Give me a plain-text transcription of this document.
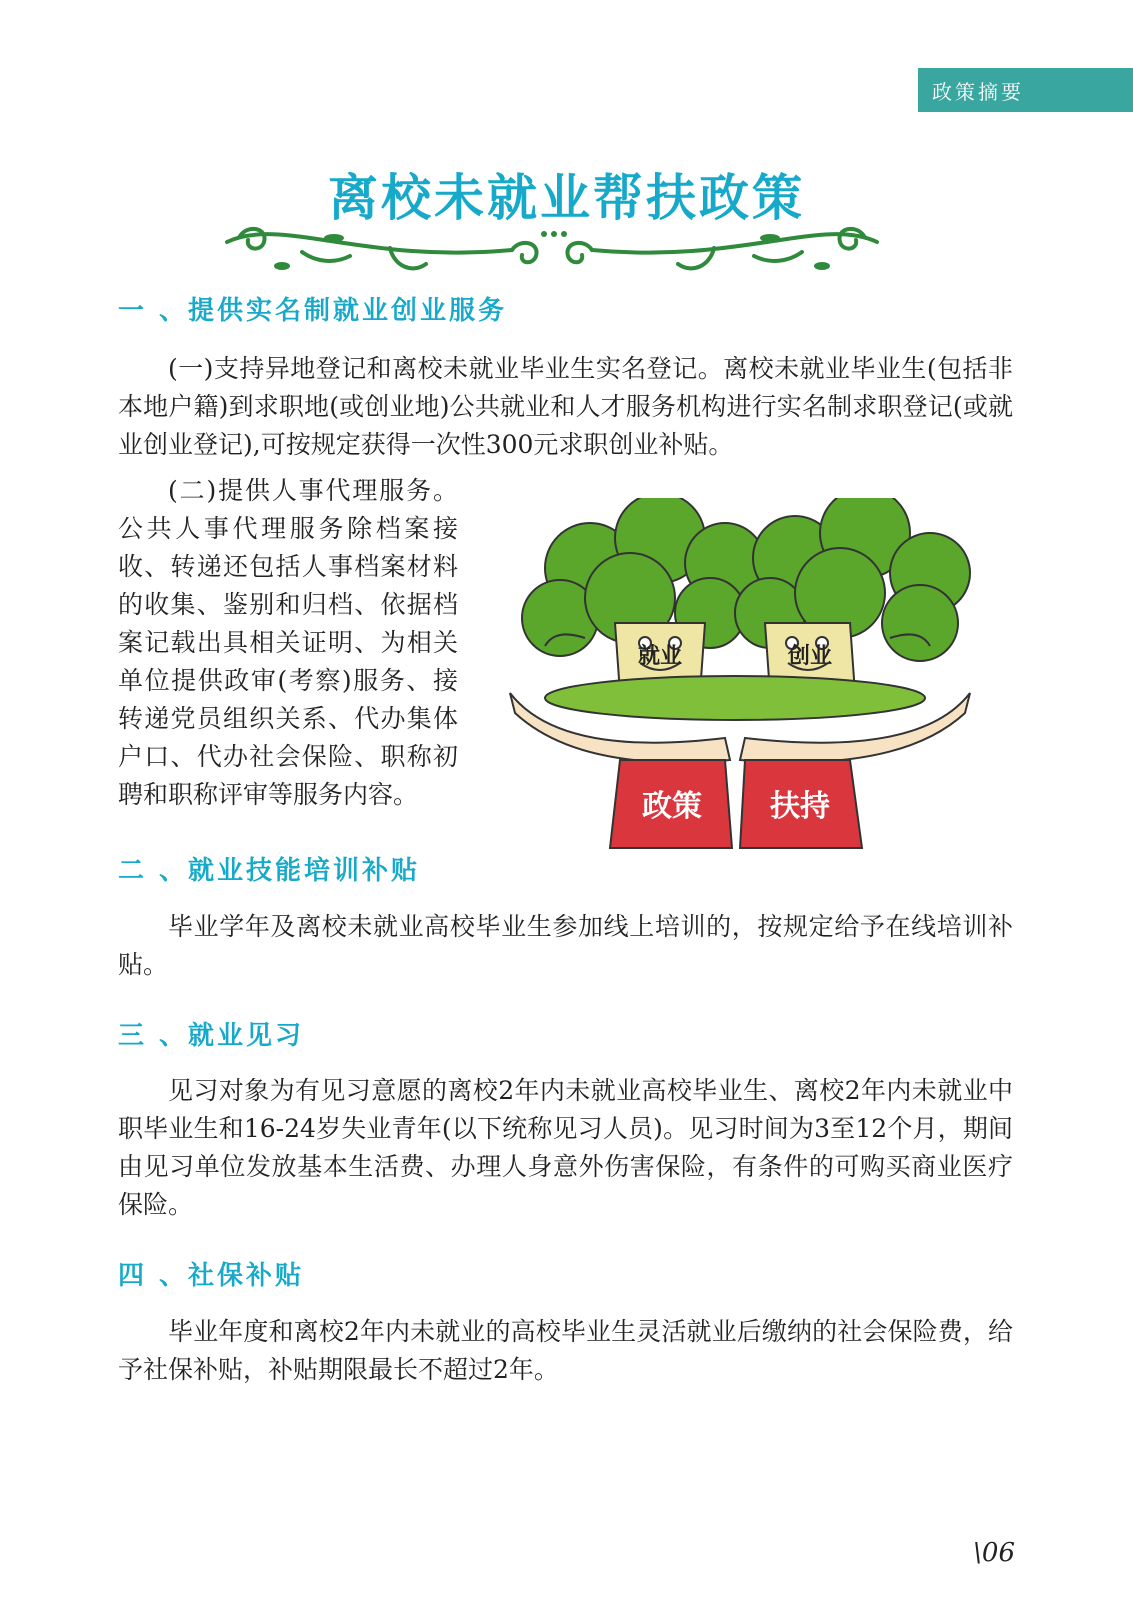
政策摘要
离校未就业帮扶政策
一 、提供实名制就业创业服务

(一)支持异地登记和离校未就业毕业生实名登记。离校未就业毕业生(包括非本地户籍)到求职地(或创业地)公共就业和人才服务机构进行实名制求职登记(或就业创业登记),可按规定获得一次性300元求职创业补贴。

(二)提供人事代理服务。公共人事代理服务除档案接收、转递还包括人事档案材料的收集、鉴别和归档、依据档案记载出具相关证明、为相关单位提供政审(考察)服务、接转递党员组织关系、代办集体户口、代办社会保险、职称初聘和职称评审等服务内容。

就业	创业
政策 扶持
二 、就业技能培训补贴

毕业学年及离校未就业高校毕业生参加线上培训的，按规定给予在线培训补贴。

三 、就业见习

见习对象为有见习意愿的离校2年内未就业高校毕业生、离校2年内未就业中职毕业生和16-24岁失业青年(以下统称见习人员)。见习时间为3至12个月，期间由见习单位发放基本生活费、办理人身意外伤害保险，有条件的可购买商业医疗保险。

四 、社保补贴

毕业年度和离校2年内未就业的高校毕业生灵活就业后缴纳的社会保险费，给予社保补贴，补贴期限最长不超过2年。

\06
